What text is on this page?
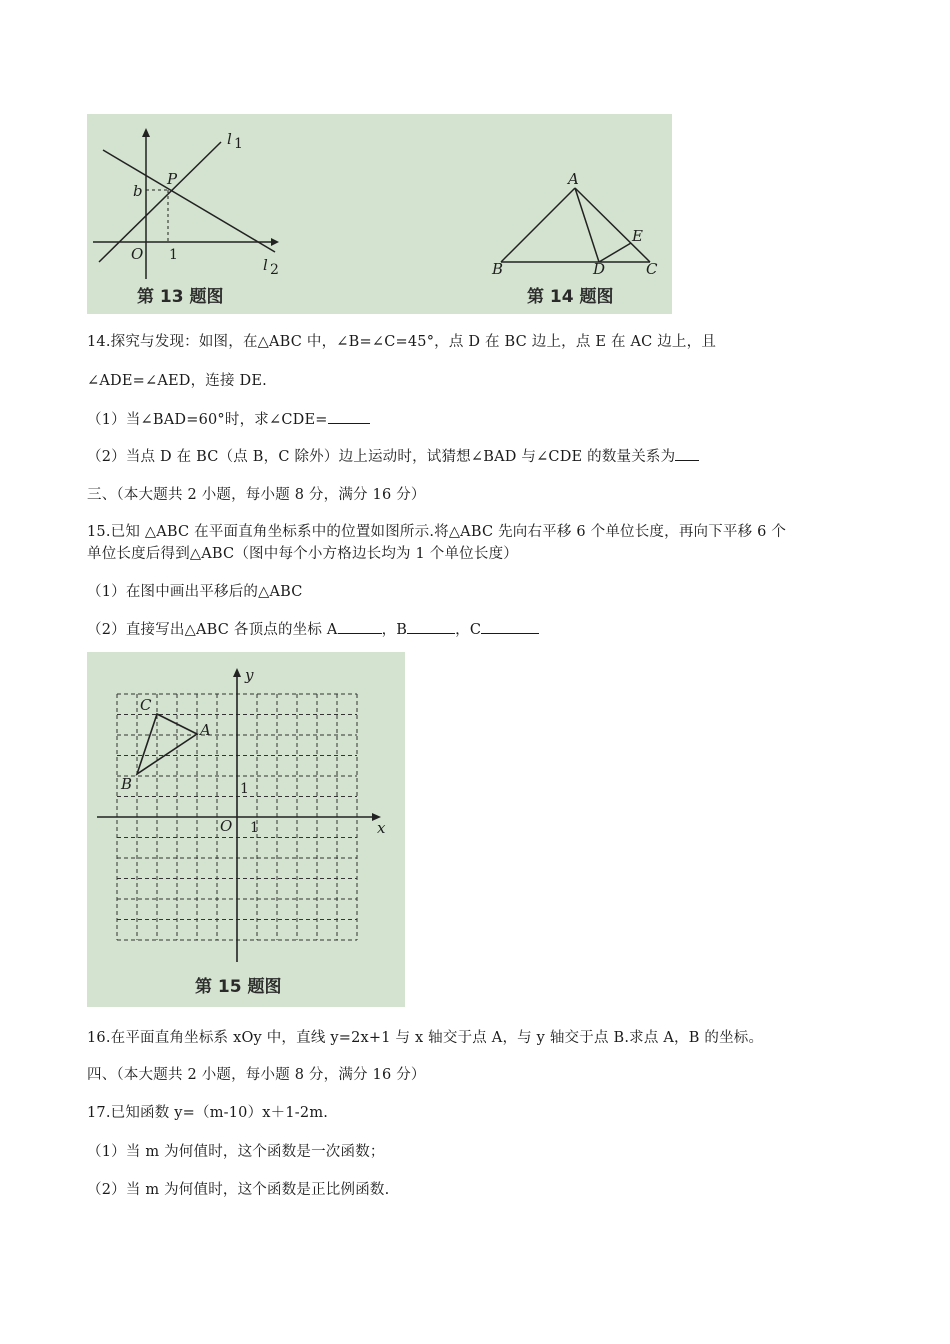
l 1
l 2
P
b
O 1
第 13 题图
A
B	C
D
E
第 14 题图
14.探究与发现：如图，在△ABC 中，∠B=∠C=45°，点 D 在 BC 边上，点 E 在 AC 边上，且
∠ADE=∠AED，连接 DE.
（1）当∠BAD=60°时，求∠CDE=
（2）当点 D 在 BC（点 B，C 除外）边上运动时，试猜想∠BAD 与∠CDE 的数量关系为
三、（本大题共 2 小题，每小题 8 分，满分 16 分）
15.已知 △ABC 在平面直角坐标系中的位置如图所示.将△ABC 先向右平移 6 个单位长度，再向下平移 6 个
单位长度后得到△ABC（图中每个小方格边长均为 1 个单位长度）
（1）在图中画出平移后的△ABC
（2）直接写出△ABC 各顶点的坐标 A	，B	，C
y
x
O 1
1
C
A
B
第 15 题图
16.在平面直角坐标系 xOy 中，直线 y=2x+1 与 x 轴交于点 A，与 y 轴交于点 B.求点 A，B 的坐标。
四、（本大题共 2 小题，每小题 8 分，满分 16 分）
17.已知函数 y=（m-10）x＋1-2m.
（1）当 m 为何值时，这个函数是一次函数；
（2）当 m 为何值时，这个函数是正比例函数.
